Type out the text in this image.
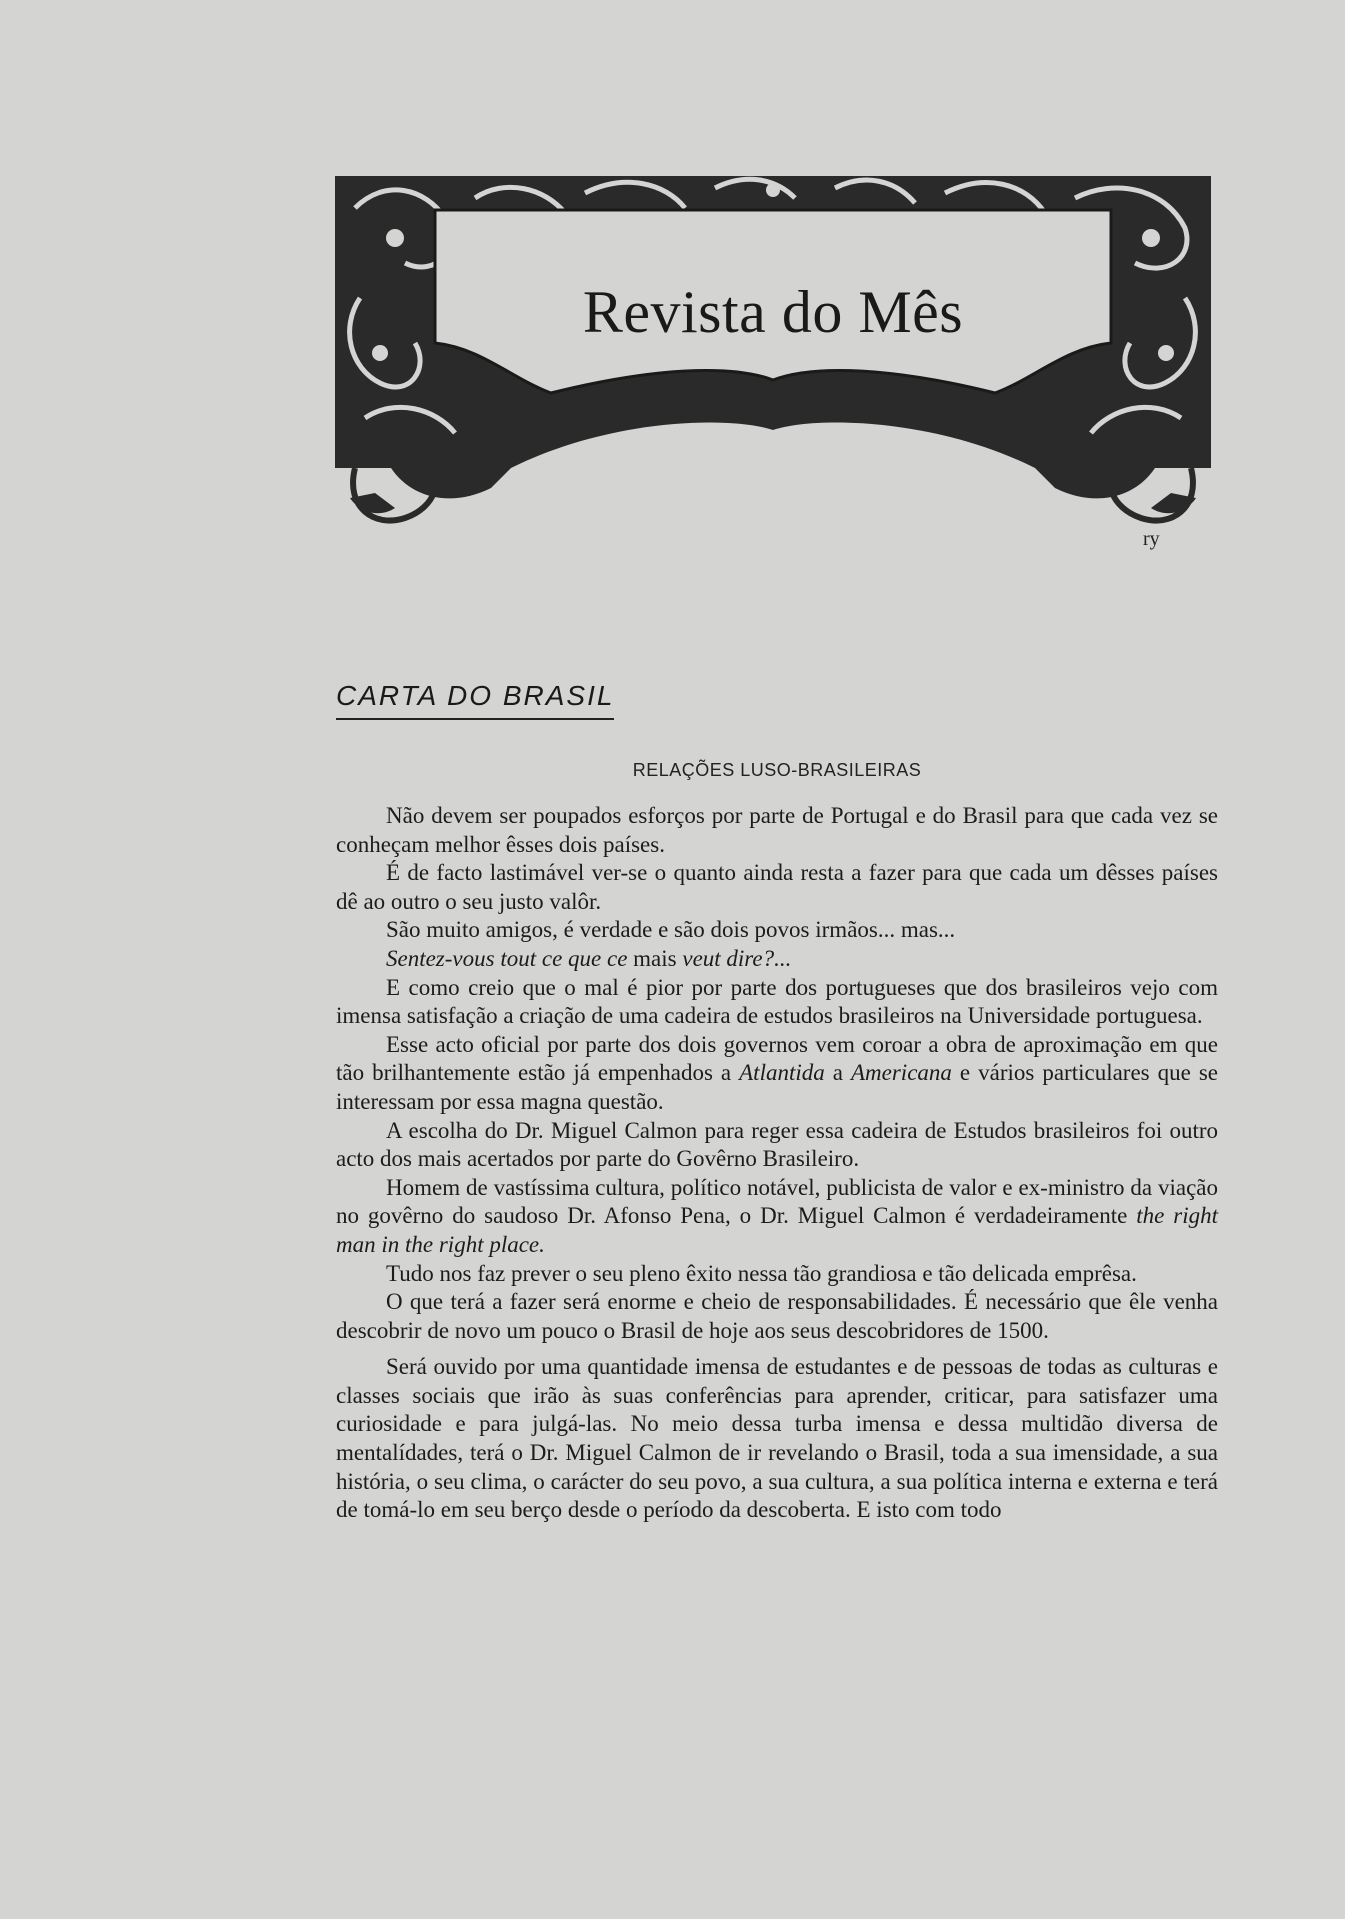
Revista do Mês
ry
CARTA DO BRASIL
RELAÇÕES LUSO-BRASILEIRAS

Não devem ser poupados esforços por parte de Portugal e do Brasil para que cada vez se conheçam melhor êsses dois países.

É de facto lastimável ver-se o quanto ainda resta a fazer para que cada um dêsses países dê ao outro o seu justo valôr.

São muito amigos, é verdade e são dois povos irmãos... mas...

Sentez-vous tout ce que ce mais veut dire?...

E como creio que o mal é pior por parte dos portugueses que dos brasileiros vejo com imensa satisfação a criação de uma cadeira de estudos brasileiros na Universidade portuguesa.

Esse acto oficial por parte dos dois governos vem coroar a obra de aproximação em que tão brilhantemente estão já empenhados a Atlantida a Americana e vários particulares que se interessam por essa magna questão.

A escolha do Dr. Miguel Calmon para reger essa cadeira de Estudos brasileiros foi outro acto dos mais acertados por parte do Govêrno Brasileiro.

Homem de vastíssima cultura, político notável, publicista de valor e ex-ministro da viação no govêrno do saudoso Dr. Afonso Pena, o Dr. Miguel Calmon é verdadeiramente the right man in the right place.

Tudo nos faz prever o seu pleno êxito nessa tão grandiosa e tão delicada emprêsa.

O que terá a fazer será enorme e cheio de responsabilidades. É necessário que êle venha descobrir de novo um pouco o Brasil de hoje aos seus descobridores de 1500.

Será ouvido por uma quantidade imensa de estudantes e de pessoas de todas as culturas e classes sociais que irão às suas conferências para aprender, criticar, para satisfazer uma curiosidade e para julgá-las. No meio dessa turba imensa e dessa multidão diversa de mentalídades, terá o Dr. Miguel Calmon de ir revelando o Brasil, toda a sua imensidade, a sua história, o seu clima, o carácter do seu povo, a sua cultura, a sua política interna e externa e terá de tomá-lo em seu berço desde o período da descoberta. E isto com todo
